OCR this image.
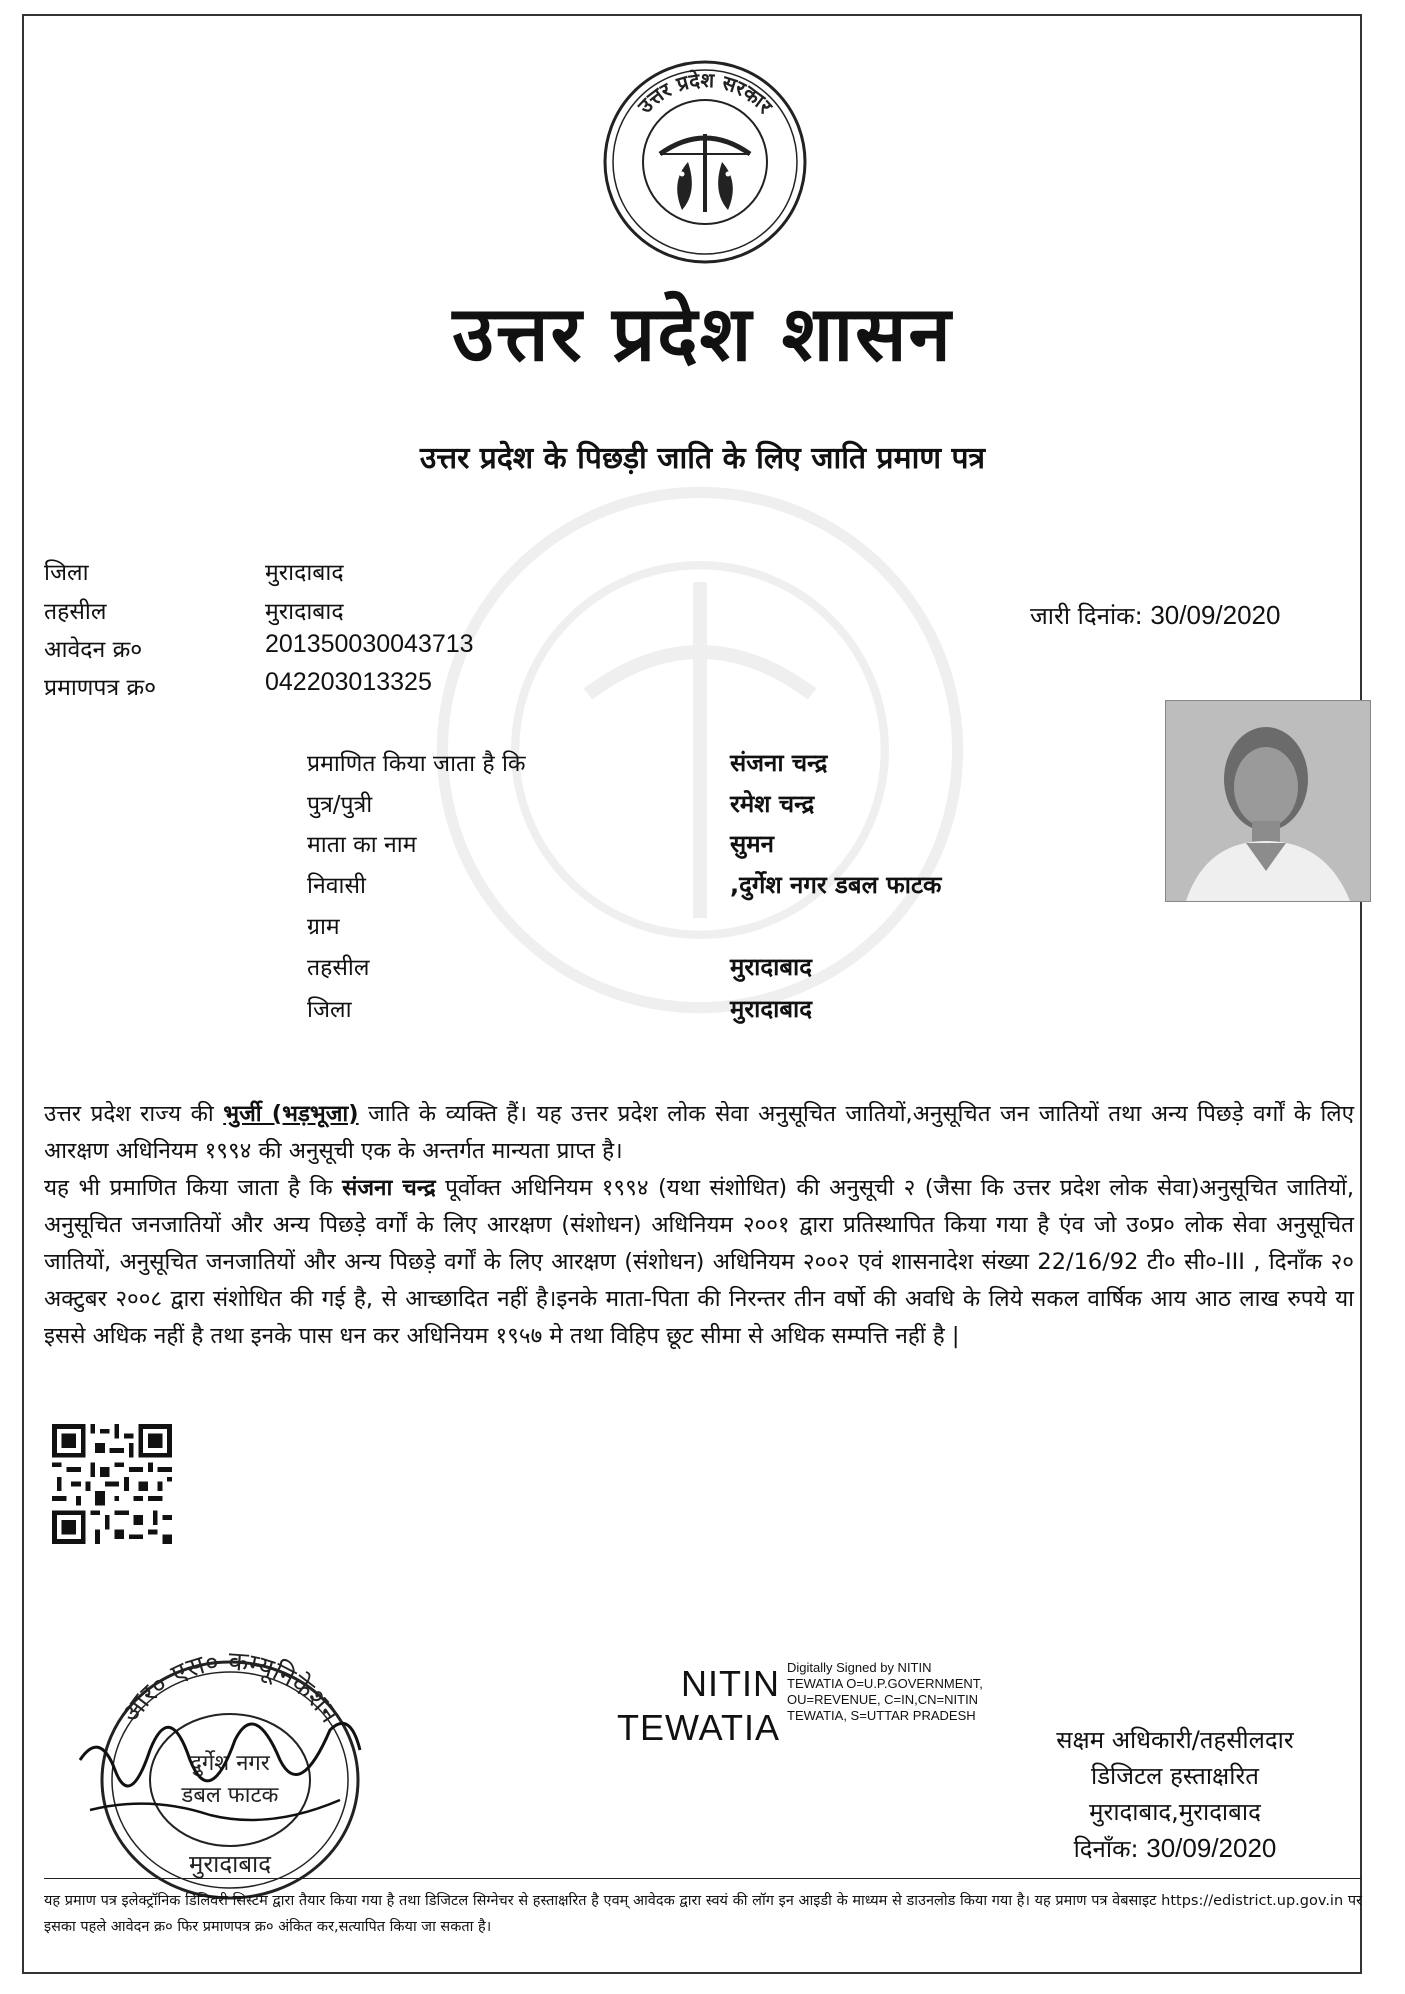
उत्तर प्रदेश सरकार
उत्तर प्रदेश शासन
उत्तर प्रदेश के पिछड़ी जाति के लिए जाति प्रमाण पत्र
जिला	मुरादाबाद
तहसील	मुरादाबाद
आवेदन क्र०	201350030043713
प्रमाणपत्र क्र०	042203013325
जारी दिनांक: 30/09/2020
प्रमाणित किया जाता है कि	संजना चन्द्र
पुत्र/पुत्री	रमेश चन्द्र
माता का नाम	सुमन
निवासी	,दुर्गेश नगर डबल फाटक
ग्राम
तहसील	मुरादाबाद
जिला	मुरादाबाद

उत्तर प्रदेश राज्य की भुर्जी (भड़भूजा) जाति के व्यक्ति हैं। यह उत्तर प्रदेश लोक सेवा अनुसूचित जातियों,अनुसूचित जन जातियों तथा अन्य पिछड़े वर्गों के लिए आरक्षण अधिनियम १९९४ की अनुसूची एक के अन्तर्गत मान्यता प्राप्त है।

यह भी प्रमाणित किया जाता है कि संजना चन्द्र पूर्वोक्त अधिनियम १९९४ (यथा संशोधित) की अनुसूची २ (जैसा कि उत्तर प्रदेश लोक सेवा)अनुसूचित जातियों, अनुसूचित जनजातियों और अन्य पिछड़े वर्गों के लिए आरक्षण (संशोधन) अधिनियम २००१ द्वारा प्रतिस्थापित किया गया है एंव जो उ०प्र० लोक सेवा अनुसूचित जातियों, अनुसूचित जनजातियों और अन्य पिछड़े वर्गों के लिए आरक्षण (संशोधन) अधिनियम २००२ एवं शासनादेश संख्या 22/16/92 टी० सी०-III , दिनाँक २० अक्टुबर २००८ द्वारा संशोधित की गई है, से आच्छादित नहीं है।इनके माता-पिता की निरन्तर तीन वर्षो की अवधि के लिये सकल वार्षिक आय आठ लाख रुपये या इससे अधिक नहीं है तथा इनके पास धन कर अधिनियम १९५७ मे तथा विहिप छूट सीमा से अधिक सम्पत्ति नहीं है |

आर० एस० कम्यूनिकेशन
दुर्गेश नगर
डबल फाटक
मुरादाबाद
NITIN
TEWATIA
Digitally Signed by NITIN TEWATIA O=U.P.GOVERNMENT, OU=REVENUE, C=IN,CN=NITIN TEWATIA, S=UTTAR PRADESH
सक्षम अधिकारी/तहसीलदार
डिजिटल हस्ताक्षरित
मुरादाबाद,मुरादाबाद
दिनाँक: 30/09/2020
यह प्रमाण पत्र इलेक्ट्रॉनिक डिलिवरी सिस्टम द्वारा तैयार किया गया है तथा डिजिटल सिग्नेचर से हस्ताक्षरित है एवम् आवेदक द्वारा स्वयं की लॉग इन आइडी के माध्यम से डाउनलोड किया गया है। यह प्रमाण पत्र वेबसाइट https://edistrict.up.gov.in पर इसका पहले आवेदन क्र० फिर प्रमाणपत्र क्र० अंकित कर,सत्यापित किया जा सकता है।
